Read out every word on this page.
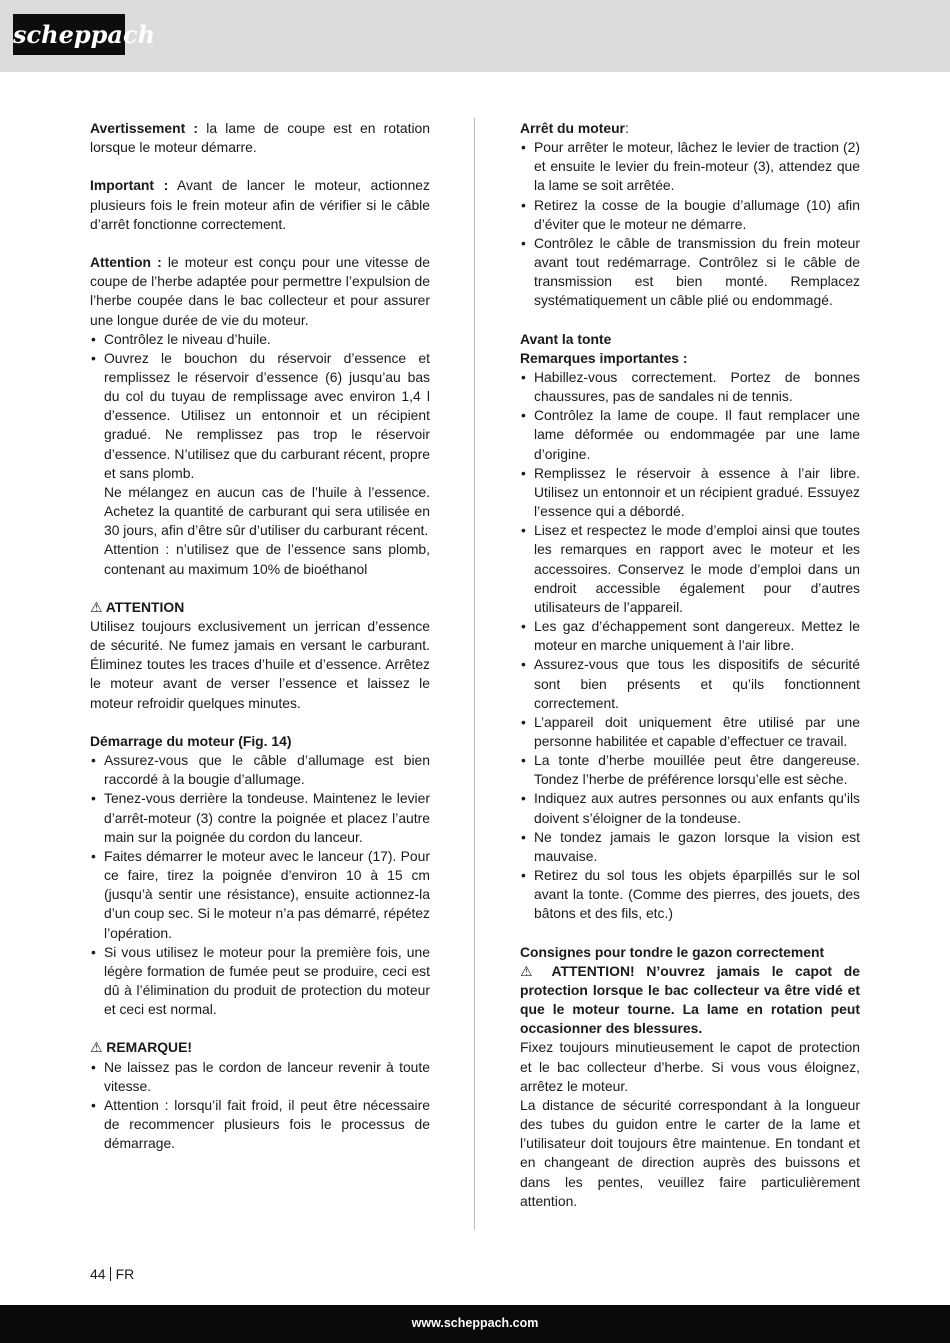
scheppach

Avertissement : la lame de coupe est en rotation lorsque le moteur démarre.

Important : Avant de lancer le moteur, actionnez plusieurs fois le frein moteur afin de vérifier si le câble d’arrêt fonctionne correctement.

Attention : le moteur est conçu pour une vitesse de coupe de l’herbe adaptée pour permettre l’expulsion de l’herbe coupée dans le bac collecteur et pour assurer une longue durée de vie du moteur.

• Contrôlez le niveau d’huile.
• Ouvrez le bouchon du réservoir d’essence et remplissez le réservoir d’essence (6) jusqu’au bas du col du tuyau de remplissage avec environ 1,4 l d’essence. Utilisez un entonnoir et un récipient gradué. Ne remplissez pas trop le réservoir d’essence. N’utilisez que du carburant récent, propre et sans plomb.

Ne mélangez en aucun cas de l’huile à l’essence. Achetez la quantité de carburant qui sera utilisée en 30 jours, afin d’être sûr d’utiliser du carburant récent.

Attention : n’utilisez que de l’essence sans plomb, contenant au maximum 10% de bioéthanol

⚠ ATTENTION

Utilisez toujours exclusivement un jerrican d’essence de sécurité. Ne fumez jamais en versant le carburant. Éliminez toutes les traces d’huile et d’essence. Arrêtez le moteur avant de verser l’essence et laissez le moteur refroidir quelques minutes.

Démarrage du moteur (Fig. 14)

• Assurez-vous que le câble d’allumage est bien raccordé à la bougie d’allumage.
• Tenez-vous derrière la tondeuse. Maintenez le levier d’arrêt-moteur (3) contre la poignée et placez l’autre main sur la poignée du cordon du lanceur.
• Faites démarrer le moteur avec le lanceur (17). Pour ce faire, tirez la poignée d’environ 10 à 15 cm (jusqu’à sentir une résistance), ensuite actionnez-la d’un coup sec. Si le moteur n’a pas démarré, répétez l’opération.
• Si vous utilisez le moteur pour la première fois, une légère formation de fumée peut se produire, ceci est dû à l’élimination du produit de protection du moteur et ceci est normal.

⚠ REMARQUE!

• Ne laissez pas le cordon de lanceur revenir à toute vitesse.
• Attention : lorsqu’il fait froid, il peut être nécessaire de recommencer plusieurs fois le processus de démarrage.

Arrêt du moteur:

• Pour arrêter le moteur, lâchez le levier de traction (2) et ensuite le levier du frein-moteur (3), attendez que la lame se soit arrêtée.
• Retirez la cosse de la bougie d’allumage (10) afin d’éviter que le moteur ne démarre.
• Contrôlez le câble de transmission du frein moteur avant tout redémarrage. Contrôlez si le câble de transmission est bien monté. Remplacez systématiquement un câble plié ou endommagé.

Avant la tonte

Remarques importantes :

• Habillez-vous correctement. Portez de bonnes chaussures, pas de sandales ni de tennis.
• Contrôlez la lame de coupe. Il faut remplacer une lame déformée ou endommagée par une lame d’origine.
• Remplissez le réservoir à essence à l’air libre. Utilisez un entonnoir et un récipient gradué. Essuyez l’essence qui a débordé.
• Lisez et respectez le mode d’emploi ainsi que toutes les remarques en rapport avec le moteur et les accessoires. Conservez le mode d’emploi dans un endroit accessible également pour d’autres utilisateurs de l’appareil.
• Les gaz d’échappement sont dangereux. Mettez le moteur en marche uniquement à l’air libre.
• Assurez-vous que tous les dispositifs de sécurité sont bien présents et qu’ils fonctionnent correctement.
• L’appareil doit uniquement être utilisé par une personne habilitée et capable d’effectuer ce travail.
• La tonte d’herbe mouillée peut être dangereuse. Tondez l’herbe de préférence lorsqu’elle est sèche.
• Indiquez aux autres personnes ou aux enfants qu’ils doivent s’éloigner de la tondeuse.
• Ne tondez jamais le gazon lorsque la vision est mauvaise.
• Retirez du sol tous les objets éparpillés sur le sol avant la tonte. (Comme des pierres, des jouets, des bâtons et des fils, etc.)

Consignes pour tondre le gazon correctement

⚠ ATTENTION! N’ouvrez jamais le capot de protection lorsque le bac collecteur va être vidé et que le moteur tourne. La lame en rotation peut occasionner des blessures.

Fixez toujours minutieusement le capot de protection et le bac collecteur d’herbe. Si vous vous éloignez, arrêtez le moteur.

La distance de sécurité correspondant à la longueur des tubes du guidon entre le carter de la lame et l’utilisateur doit toujours être maintenue. En tondant et en changeant de direction auprès des buissons et dans les pentes, veuillez faire particulièrement attention.

44 FR
www.scheppach.com
